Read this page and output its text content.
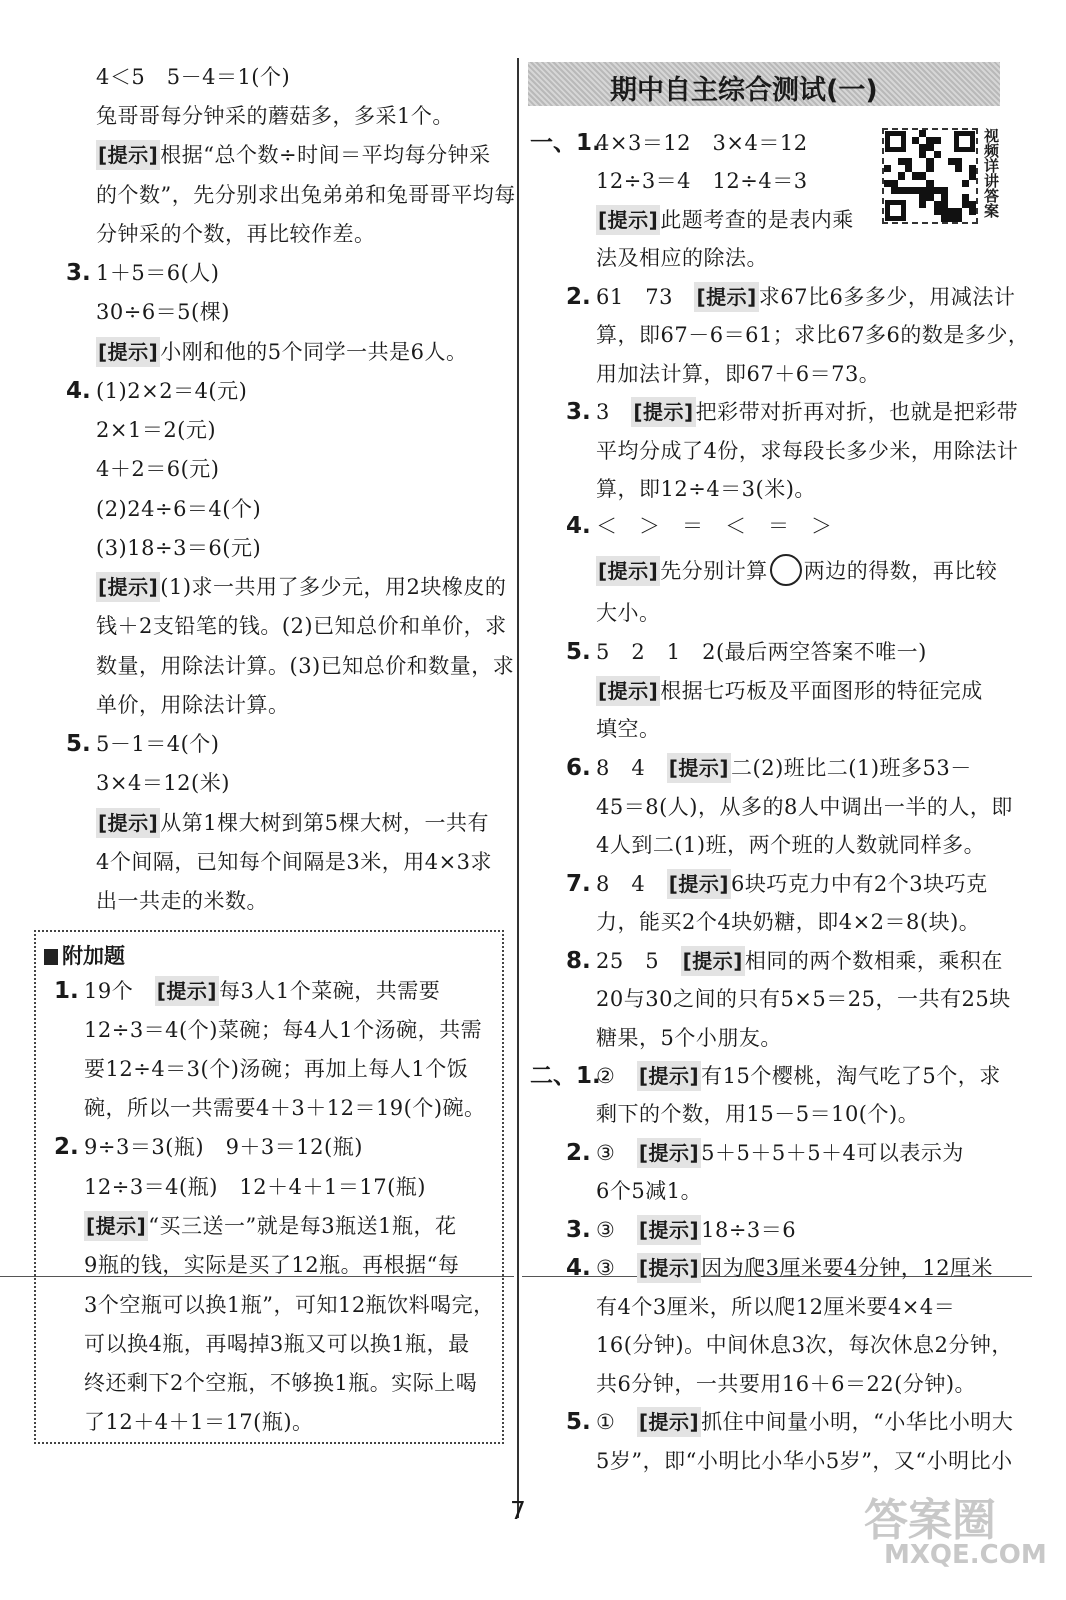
期中自主综合测试(一)
附加题
视频详讲答案
4＜5　5－4＝1(个)
兔哥哥每分钟采的蘑菇多，多采1个。
[提示]根据“总个数÷时间＝平均每分钟采
的个数”，先分别求出兔弟弟和兔哥哥平均每
分钟采的个数，再比较作差。
3. 1＋5＝6(人)
30÷6＝5(棵)
[提示]小刚和他的5个同学一共是6人。
4. (1)2×2＝4(元)
2×1＝2(元)
4＋2＝6(元)
(2)24÷6＝4(个)
(3)18÷3＝6(元)
[提示](1)求一共用了多少元，用2块橡皮的
钱＋2支铅笔的钱。(2)已知总价和单价，求
数量，用除法计算。(3)已知总价和数量，求
单价，用除法计算。
5. 5－1＝4(个)
3×4＝12(米)
[提示]从第1棵大树到第5棵大树，一共有
4个间隔，已知每个间隔是3米，用4×3求
出一共走的米数。
1. 19个　[提示]每3人1个菜碗，共需要
12÷3＝4(个)菜碗；每4人1个汤碗，共需
要12÷4＝3(个)汤碗；再加上每人1个饭
碗，所以一共需要4＋3＋12＝19(个)碗。
2. 9÷3＝3(瓶)　9＋3＝12(瓶)
12÷3＝4(瓶)　12＋4＋1＝17(瓶)
[提示]“买三送一”就是每3瓶送1瓶，花
9瓶的钱，实际是买了12瓶。再根据“每
3个空瓶可以换1瓶”，可知12瓶饮料喝完，
可以换4瓶，再喝掉3瓶又可以换1瓶，最
终还剩下2个空瓶，不够换1瓶。实际上喝
了12＋4＋1＝17(瓶)。
一、1.
4×3＝12　3×4＝12
12÷3＝4　12÷4＝3
[提示]此题考查的是表内乘
法及相应的除法。
2. 61　73　[提示]求67比6多多少，用减法计
算，即67－6＝61；求比67多6的数是多少，
用加法计算，即67＋6＝73。
3. 3　[提示]把彩带对折再对折，也就是把彩带
平均分成了4份，求每段长多少米，用除法计
算，即12÷4＝3(米)。
4. ＜　＞　＝　＜　＝　＞
[提示]先分别计算 两边的得数，再比较
大小。
5. 5　2　1　2(最后两空答案不唯一)
[提示]根据七巧板及平面图形的特征完成
填空。
6. 8　4　[提示]二(2)班比二(1)班多53－
45＝8(人)，从多的8人中调出一半的人，即
4人到二(1)班，两个班的人数就同样多。
7. 8　4　[提示]6块巧克力中有2个3块巧克
力，能买2个4块奶糖，即4×2＝8(块)。
8. 25　5　[提示]相同的两个数相乘，乘积在
20与30之间的只有5×5＝25，一共有25块
糖果，5个小朋友。
二、1.
②　[提示]有15个樱桃，淘气吃了5个，求
剩下的个数，用15－5＝10(个)。
2. ③　[提示]5＋5＋5＋5＋4可以表示为
6个5减1。
3. ③　[提示]18÷3＝6
4. ③　[提示]因为爬3厘米要4分钟，12厘米
有4个3厘米，所以爬12厘米要4×4＝
16(分钟)。中间休息3次，每次休息2分钟，
共6分钟，一共要用16＋6＝22(分钟)。
5. ①　[提示]抓住中间量小明，“小华比小明大
5岁”，即“小明比小华小5岁”，又“小明比小
7	答案圈
MXQE.COM
